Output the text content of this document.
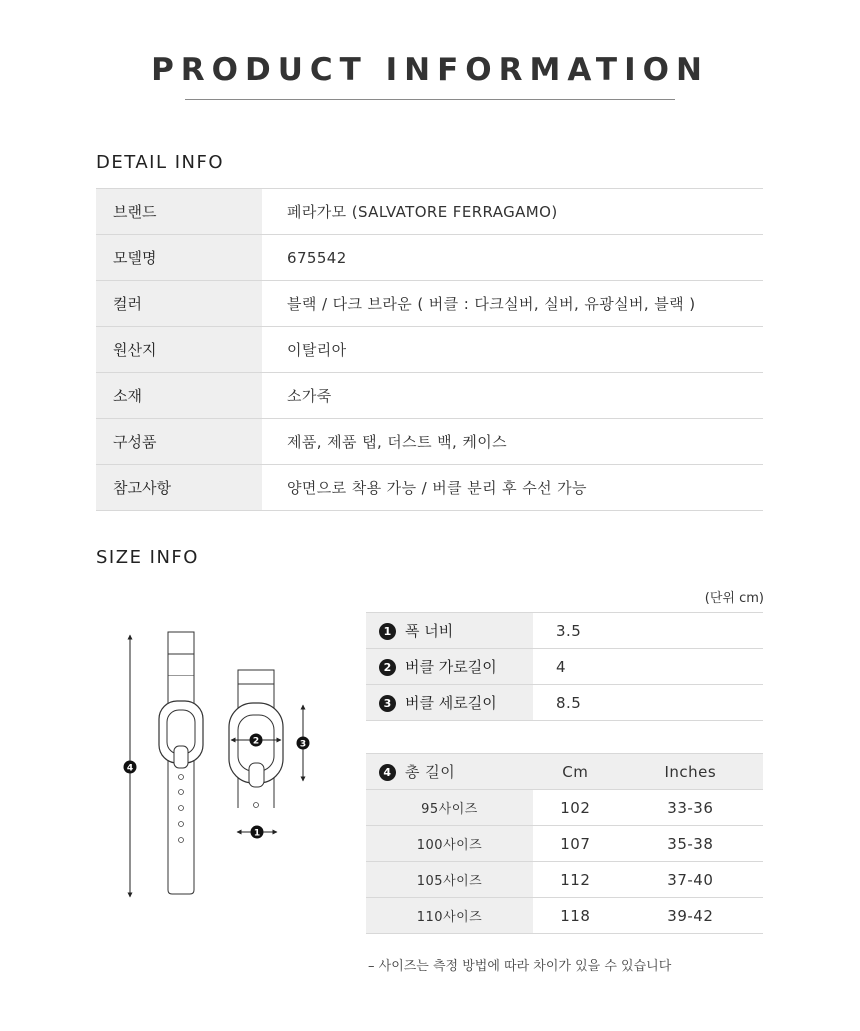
PRODUCT INFORMATION
DETAIL INFO
브랜드	페라가모 (SALVATORE FERRAGAMO)
모델명	675542
컬러	블랙 / 다크 브라운 ( 버클 : 다크실버, 실버, 유광실버, 블랙 )
원산지	이탈리아
소재	소가죽
구성품	제품, 제품 탭, 더스트 백, 케이스
참고사항	양면으로 착용 가능 / 버클 분리 후 수선 가능
SIZE INFO
(단위 cm)
4
2	3
1
1 폭 너비	3.5
2 버클 가로길이	4
3 버클 세로길이	8.5
4 총 길이	Cm	Inches
95사이즈	102	33-36
100사이즈	107	35-38
105사이즈	112	37-40
110사이즈	118	39-42
– 사이즈는 측정 방법에 따라 차이가 있을 수 있습니다
